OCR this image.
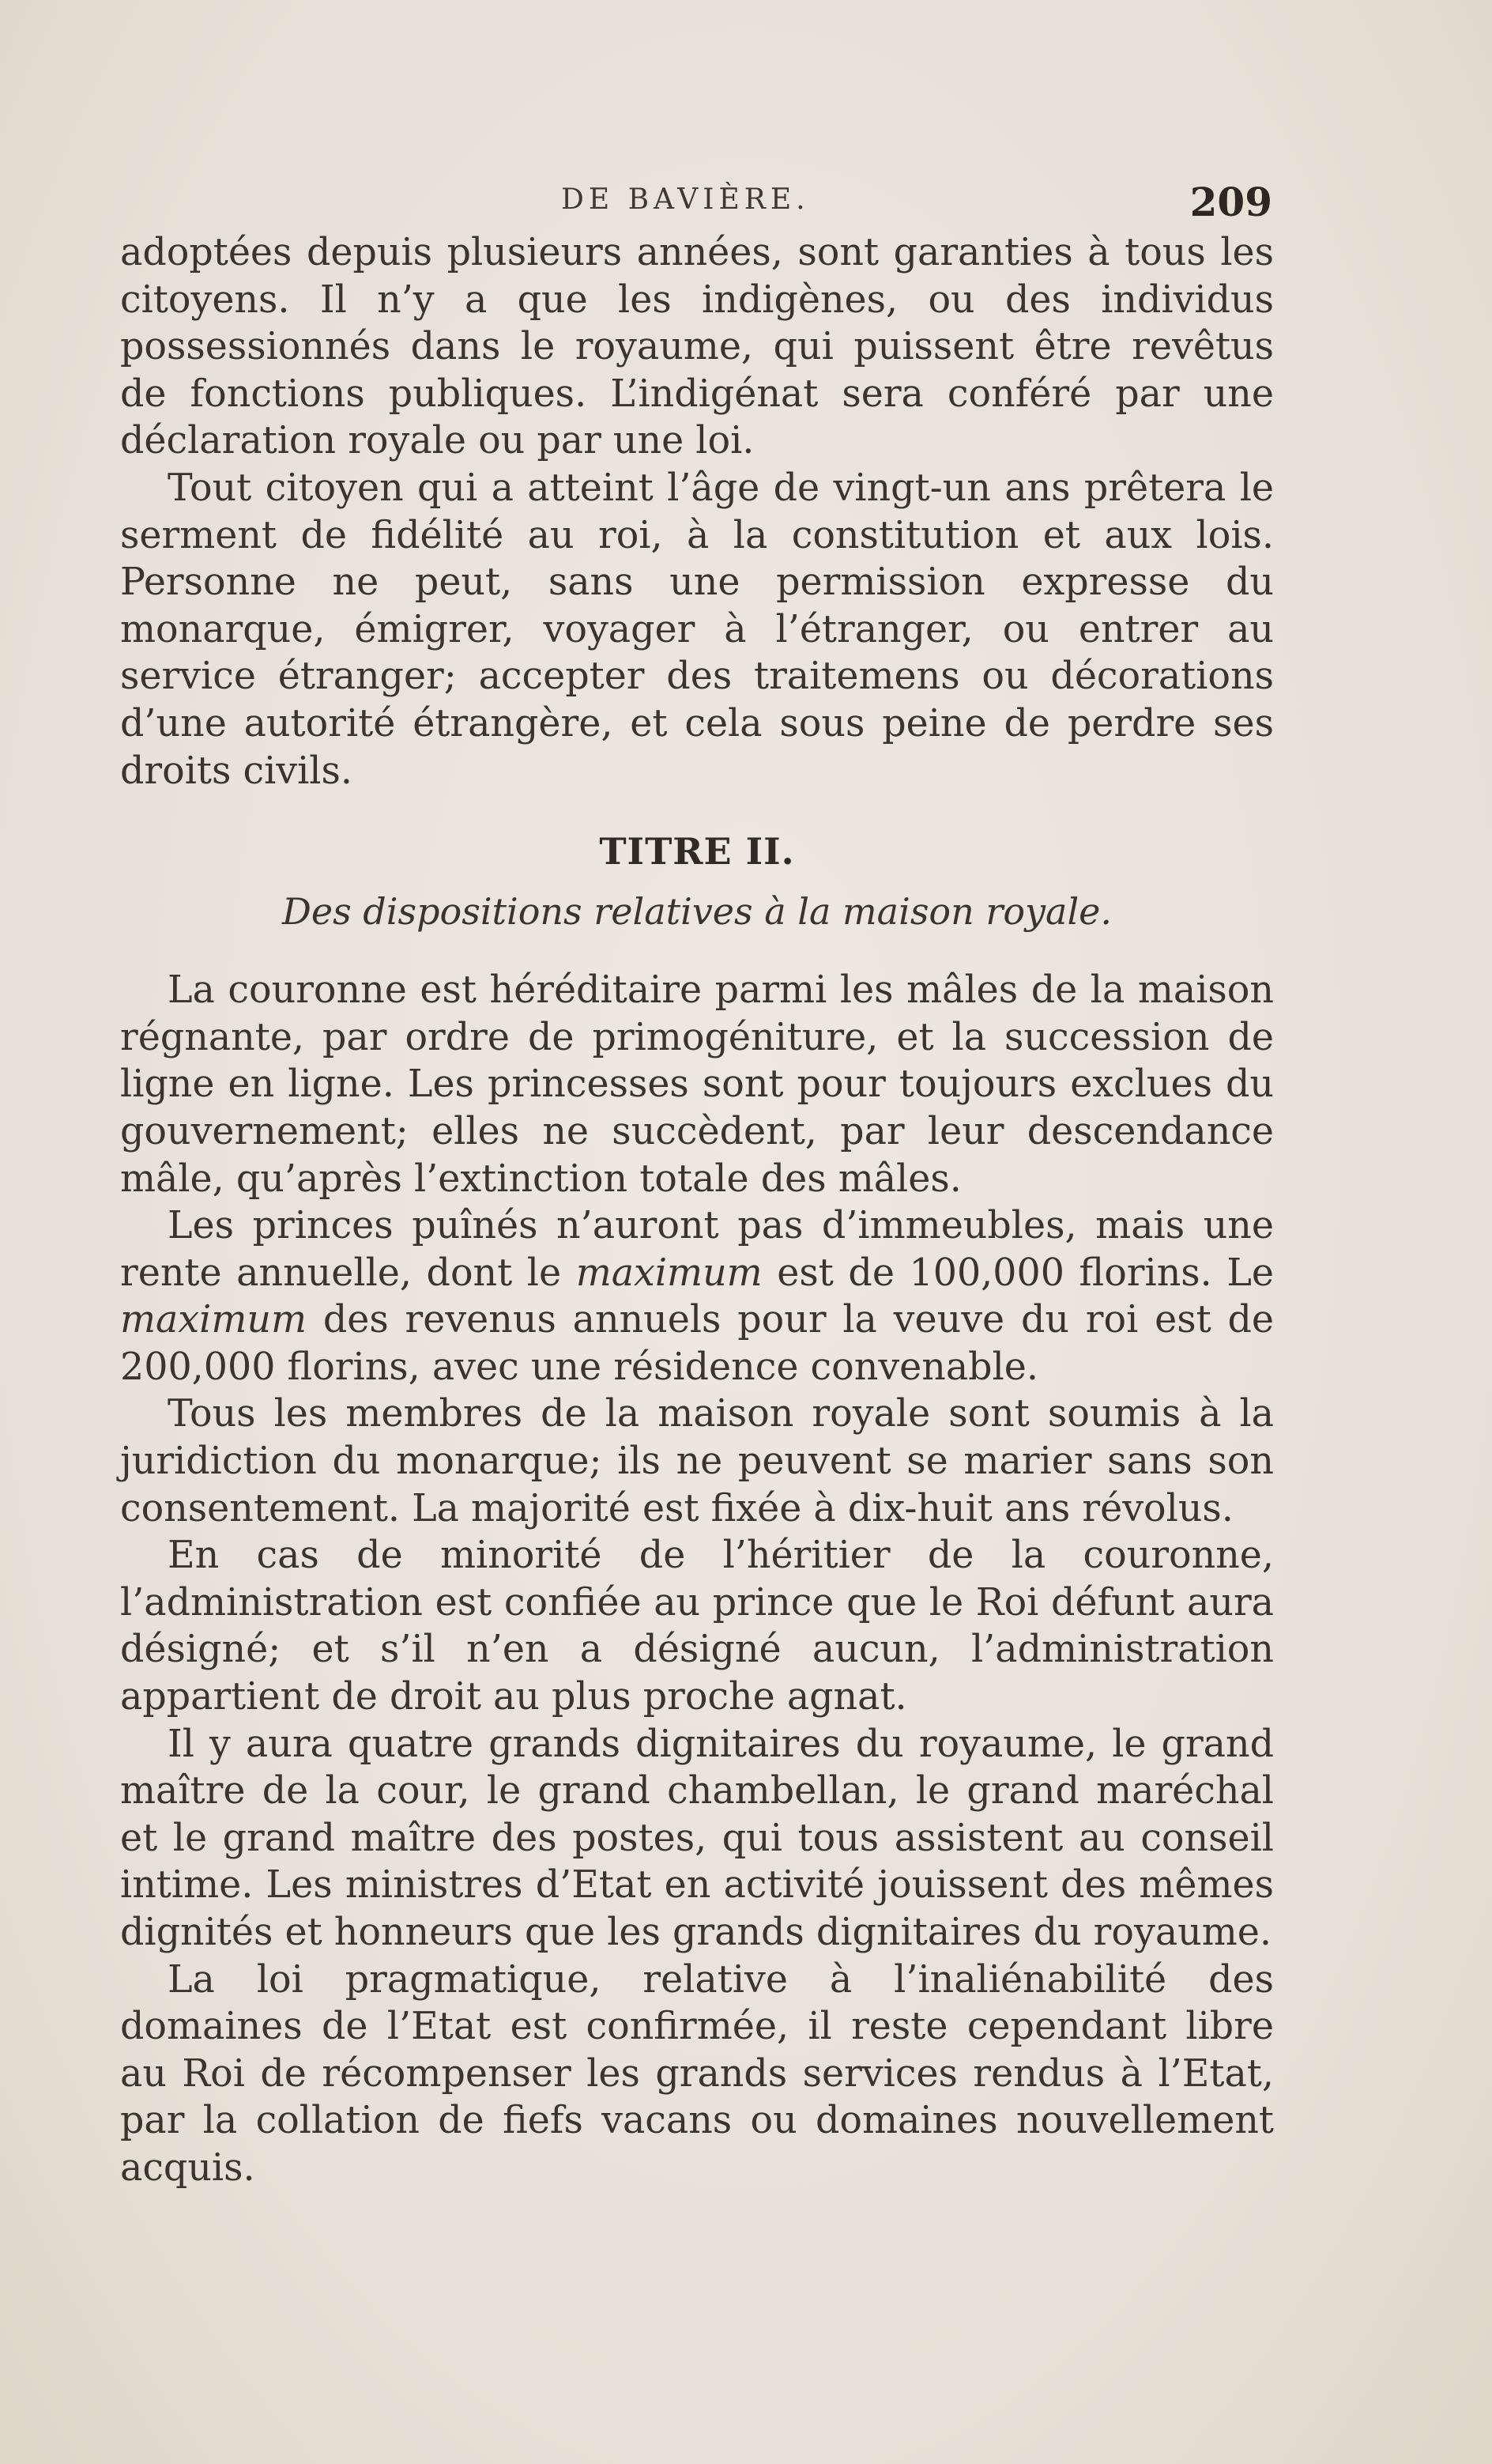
DE BAVIÈRE.	209

adoptées depuis plusieurs années, sont garanties à tous les citoyens. Il n’y a que les indigènes, ou des individus possessionnés dans le royaume, qui puissent être revêtus de fonctions publiques. L’indigénat sera conféré par une déclaration royale ou par une loi.

Tout citoyen qui a atteint l’âge de vingt-un ans prêtera le serment de fidélité au roi, à la constitution et aux lois. Personne ne peut, sans une permission expresse du monarque, émigrer, voyager à l’étranger, ou entrer au service étranger; accepter des traitemens ou décorations d’une autorité étrangère, et cela sous peine de perdre ses droits civils.

TITRE II.

Des dispositions relatives à la maison royale.

La couronne est héréditaire parmi les mâles de la maison régnante, par ordre de primogéniture, et la succession de ligne en ligne. Les princesses sont pour toujours exclues du gouvernement; elles ne succèdent, par leur descendance mâle, qu’après l’extinction totale des mâles.

Les princes puînés n’auront pas d’immeubles, mais une rente annuelle, dont le maximum est de 100,000 florins. Le maximum des revenus annuels pour la veuve du roi est de 200,000 florins, avec une résidence convenable.

Tous les membres de la maison royale sont soumis à la juridiction du monarque; ils ne peuvent se marier sans son consentement. La majorité est fixée à dix-huit ans révolus.

En cas de minorité de l’héritier de la couronne, l’administration est confiée au prince que le Roi défunt aura désigné; et s’il n’en a désigné aucun, l’administration appartient de droit au plus proche agnat.

Il y aura quatre grands dignitaires du royaume, le grand maître de la cour, le grand chambellan, le grand maréchal et le grand maître des postes, qui tous assistent au conseil intime. Les ministres d’Etat en activité jouissent des mêmes dignités et honneurs que les grands dignitaires du royaume.

La loi pragmatique, relative à l’inaliénabilité des domaines de l’Etat est confirmée, il reste cependant libre au Roi de récompenser les grands services rendus à l’Etat, par la collation de fiefs vacans ou domaines nouvellement acquis.
